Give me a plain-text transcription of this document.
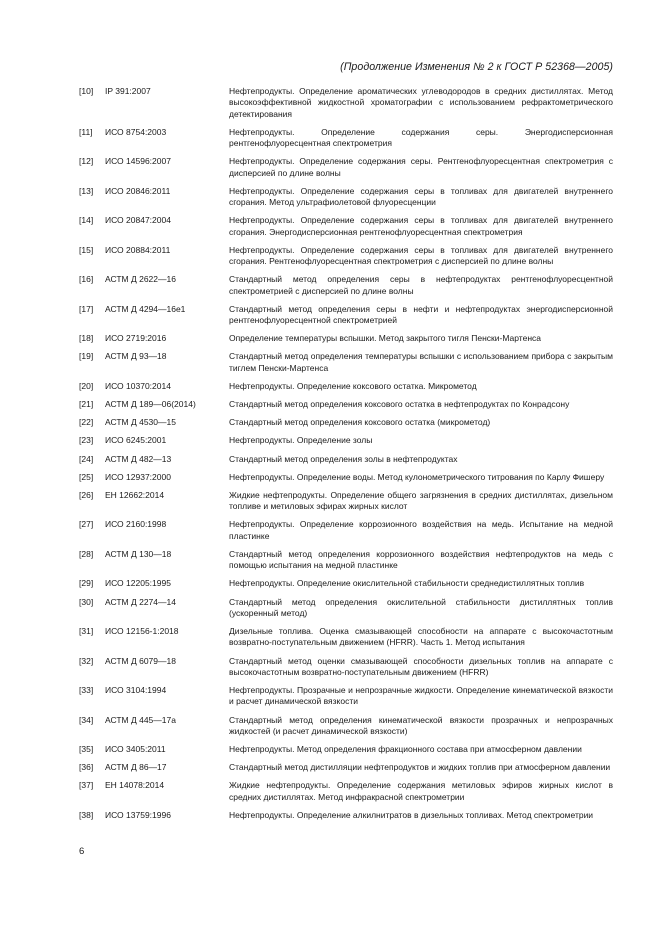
(Продолжение Изменения № 2 к ГОСТ Р 52368—2005)
[10] IP 391:2007	Нефтепродукты. Определение ароматических углеводородов в средних дистиллятах. Метод высокоэффективной жидкостной хроматографии с использованием рефрактометрического детектирования
[11] ИСО 8754:2003	Нефтепродукты. Определение содержания серы. Энергодисперсионная рентгенофлуоресцентная спектрометрия
[12] ИСО 14596:2007	Нефтепродукты. Определение содержания серы. Рентгенофлуоресцентная спектрометрия с дисперсией по длине волны
[13] ИСО 20846:2011	Нефтепродукты. Определение содержания серы в топливах для двигателей внутреннего сгорания. Метод ультрафиолетовой флуоресценции
[14] ИСО 20847:2004	Нефтепродукты. Определение содержания серы в топливах для двигателей внутреннего сгорания. Энергодисперсионная рентгенофлуоресцентная спектрометрия
[15] ИСО 20884:2011	Нефтепродукты. Определение содержания серы в топливах для двигателей внутреннего сгорания. Рентгенофлуоресцентная спектрометрия с дисперсией по длине волны
[16] АСТМ Д 2622—16	Стандартный метод определения серы в нефтепродуктах рентгенофлуоресцентной спектрометрией с дисперсией по длине волны
[17] АСТМ Д 4294—16e1	Стандартный метод определения серы в нефти и нефтепродуктах энергодисперсионной рентгенофлуоресцентной спектрометрией
[18] ИСО 2719:2016	Определение температуры вспышки. Метод закрытого тигля Пенски-Мартенса
[19] АСТМ Д 93—18	Стандартный метод определения температуры вспышки с использованием прибора с закрытым тиглем Пенски-Мартенса
[20] ИСО 10370:2014	Нефтепродукты. Определение коксового остатка. Микрометод
[21] АСТМ Д 189—06(2014)	Стандартный метод определения коксового остатка в нефтепродуктах по Конрадсону
[22] АСТМ Д 4530—15	Стандартный метод определения коксового остатка (микрометод)
[23] ИСО 6245:2001	Нефтепродукты. Определение золы
[24] АСТМ Д 482—13	Стандартный метод определения золы в нефтепродуктах
[25] ИСО 12937:2000	Нефтепродукты. Определение воды. Метод кулонометрического титрования по Карлу Фишеру
[26] ЕН 12662:2014	Жидкие нефтепродукты. Определение общего загрязнения в средних дистиллятах, дизельном топливе и метиловых эфирах жирных кислот
[27] ИСО 2160:1998	Нефтепродукты. Определение коррозионного воздействия на медь. Испытание на медной пластинке
[28] АСТМ Д 130—18	Стандартный метод определения коррозионного воздействия нефтепродуктов на медь с помощью испытания на медной пластинке
[29] ИСО 12205:1995	Нефтепродукты. Определение окислительной стабильности среднедистиллятных топлив
[30] АСТМ Д 2274—14	Стандартный метод определения окислительной стабильности дистиллятных топлив (ускоренный метод)
[31] ИСО 12156-1:2018	Дизельные топлива. Оценка смазывающей способности на аппарате с высокочастотным возвратно-поступательным движением (HFRR). Часть 1. Метод испытания
[32] АСТМ Д 6079—18	Стандартный метод оценки смазывающей способности дизельных топлив на аппарате с высокочастотным возвратно-поступательным движением (HFRR)
[33] ИСО 3104:1994	Нефтепродукты. Прозрачные и непрозрачные жидкости. Определение кинематической вязкости и расчет динамической вязкости
[34] АСТМ Д 445—17а	Стандартный метод определения кинематической вязкости прозрачных и непрозрачных жидкостей (и расчет динамической вязкости)
[35] ИСО 3405:2011	Нефтепродукты. Метод определения фракционного состава при атмосферном давлении
[36] АСТМ Д 86—17	Стандартный метод дистилляции нефтепродуктов и жидких топлив при атмосферном давлении
[37] ЕН 14078:2014	Жидкие нефтепродукты. Определение содержания метиловых эфиров жирных кислот в средних дистиллятах. Метод инфракрасной спектрометрии
[38] ИСО 13759:1996	Нефтепродукты. Определение алкилнитратов в дизельных топливах. Метод спектрометрии
6
